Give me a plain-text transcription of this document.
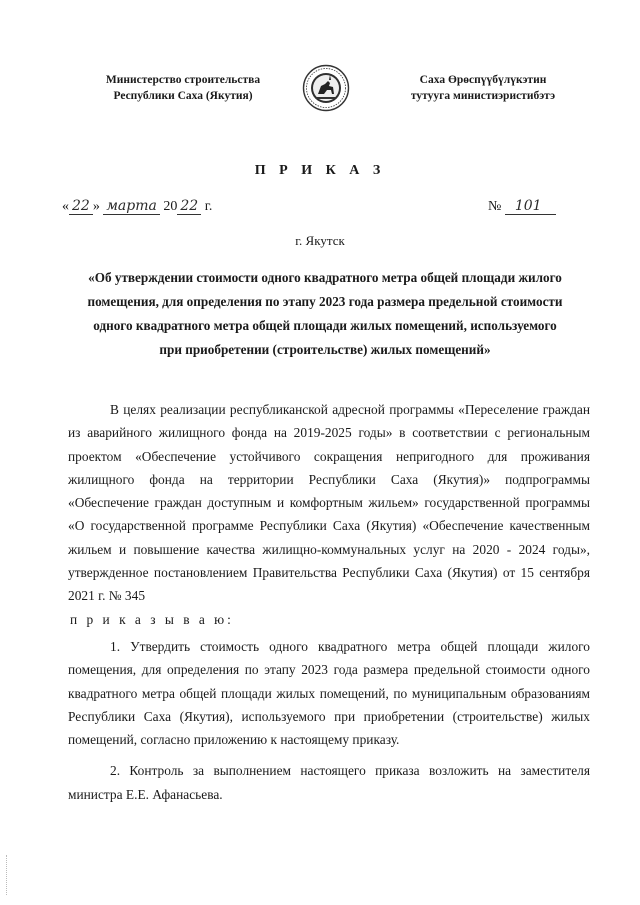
Министерство строительства
Республики Саха (Якутия)
Саха Өрөспүүбүлүкэтин
тутууга министиэристибэтэ
П Р И К А З
« 22 » марта 20 22 г.	№ 101
г. Якутск
«Об утверждении стоимости одного квадратного метра общей площади жилого
помещения, для определения по этапу 2023 года размера предельной стоимости
одного квадратного метра общей площади жилых помещений, используемого
при приобретении (строительстве) жилых помещений»

В целях реализации республиканской адресной программы «Переселение граждан из аварийного жилищного фонда на 2019-2025 годы» в соответствии с региональным проектом «Обеспечение устойчивого сокращения непригодного для проживания жилищного фонда на территории Республики Саха (Якутия)» подпрограммы «Обеспечение граждан доступным и комфортным жильем» государственной программы «О государственной программе Республики Саха (Якутия) «Обеспечение качественным жильем и повышение качества жилищно-коммунальных услуг на 2020 - 2024 годы», утвержденное постановлением Правительства Республики Саха (Якутия) от 15 сентября 2021 г. № 345

п р и к а з ы в а ю:

1. Утвердить стоимость одного квадратного метра общей площади жилого помещения, для определения по этапу 2023 года размера предельной стоимости одного квадратного метра общей площади жилых помещений, по муниципальным образованиям Республики Саха (Якутия), используемого при приобретении (строительстве) жилых помещений, согласно приложению к настоящему приказу.

2. Контроль за выполнением настоящего приказа возложить на заместителя министра Е.Е. Афанасьева.
